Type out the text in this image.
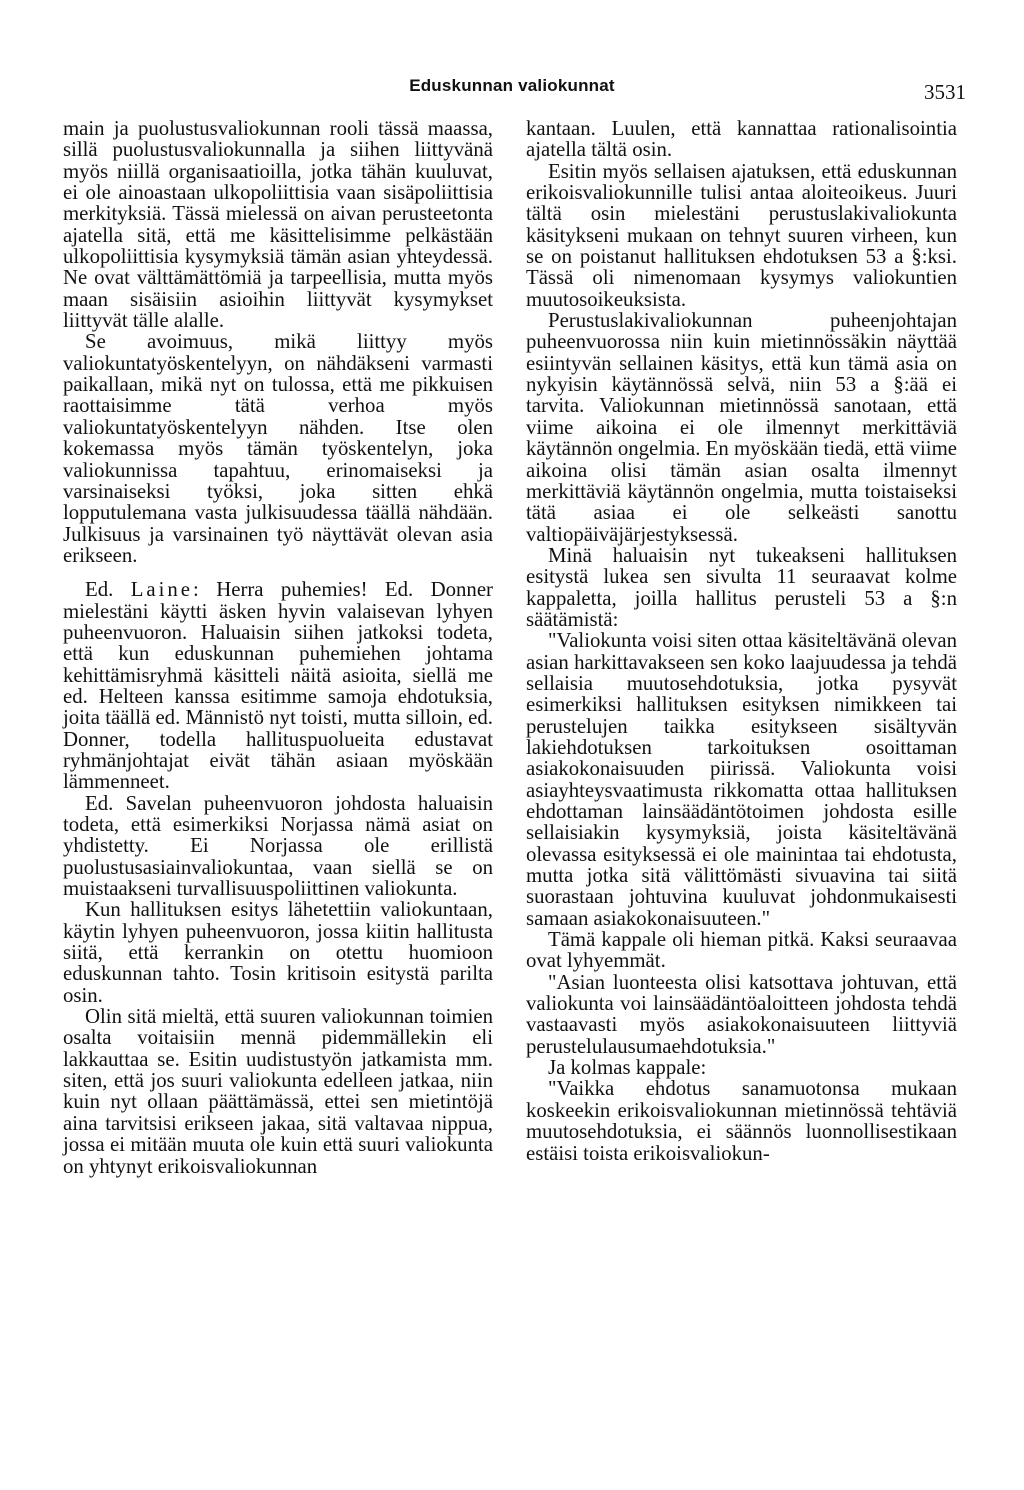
Eduskunnan valiokunnat	3531

main ja puolustusvaliokunnan rooli tässä maassa, sillä puolustusvaliokunnalla ja siihen liittyvänä myös niillä organisaatioilla, jotka tähän kuuluvat, ei ole ainoastaan ulkopoliittisia vaan sisäpoliittisia merkityksiä. Tässä mielessä on aivan perusteetonta ajatella sitä, että me käsittelisimme pelkästään ulkopoliittisia kysymyksiä tämän asian yhteydessä. Ne ovat välttämättömiä ja tarpeellisia, mutta myös maan sisäisiin asioihin liittyvät kysymykset liittyvät tälle alalle.

Se avoimuus, mikä liittyy myös valiokuntatyöskentelyyn, on nähdäkseni varmasti paikallaan, mikä nyt on tulossa, että me pikkuisen raottaisimme tätä verhoa myös valiokuntatyöskentelyyn nähden. Itse olen kokemassa myös tämän työskentelyn, joka valiokunnissa tapahtuu, erinomaiseksi ja varsinaiseksi työksi, joka sitten ehkä lopputulemana vasta julkisuudessa täällä nähdään. Julkisuus ja varsinainen työ näyttävät olevan asia erikseen.

Ed. Laine: Herra puhemies! Ed. Donner mielestäni käytti äsken hyvin valaisevan lyhyen puheenvuoron. Haluaisin siihen jatkoksi todeta, että kun eduskunnan puhemiehen johtama kehittämisryhmä käsitteli näitä asioita, siellä me ed. Helteen kanssa esitimme samoja ehdotuksia, joita täällä ed. Männistö nyt toisti, mutta silloin, ed. Donner, todella hallituspuolueita edustavat ryhmänjohtajat eivät tähän asiaan myöskään lämmenneet.

Ed. Savelan puheenvuoron johdosta haluaisin todeta, että esimerkiksi Norjassa nämä asiat on yhdistetty. Ei Norjassa ole erillistä puolustusasiainvaliokuntaa, vaan siellä se on muistaakseni turvallisuuspoliittinen valiokunta.

Kun hallituksen esitys lähetettiin valiokuntaan, käytin lyhyen puheenvuoron, jossa kiitin hallitusta siitä, että kerrankin on otettu huomioon eduskunnan tahto. Tosin kritisoin esitystä parilta osin.

Olin sitä mieltä, että suuren valiokunnan toimien osalta voitaisiin mennä pidemmällekin eli lakkauttaa se. Esitin uudistustyön jatkamista mm. siten, että jos suuri valiokunta edelleen jatkaa, niin kuin nyt ollaan päättämässä, ettei sen mietintöjä aina tarvitsisi erikseen jakaa, sitä valtavaa nippua, jossa ei mitään muuta ole kuin että suuri valiokunta on yhtynyt erikoisvaliokunnan

kantaan. Luulen, että kannattaa rationalisointia ajatella tältä osin.

Esitin myös sellaisen ajatuksen, että eduskunnan erikoisvaliokunnille tulisi antaa aloiteoikeus. Juuri tältä osin mielestäni perustuslakivaliokunta käsitykseni mukaan on tehnyt suuren virheen, kun se on poistanut hallituksen ehdotuksen 53 a §:ksi. Tässä oli nimenomaan kysymys valiokuntien muutosoikeuksista.

Perustuslakivaliokunnan puheenjohtajan puheenvuorossa niin kuin mietinnössäkin näyttää esiintyvän sellainen käsitys, että kun tämä asia on nykyisin käytännössä selvä, niin 53 a §:ää ei tarvita. Valiokunnan mietinnössä sanotaan, että viime aikoina ei ole ilmennyt merkittäviä käytännön ongelmia. En myöskään tiedä, että viime aikoina olisi tämän asian osalta ilmennyt merkittäviä käytännön ongelmia, mutta toistaiseksi tätä asiaa ei ole selkeästi sanottu valtiopäiväjärjestyksessä.

Minä haluaisin nyt tukeakseni hallituksen esitystä lukea sen sivulta 11 seuraavat kolme kappaletta, joilla hallitus perusteli 53 a §:n säätämistä:

"Valiokunta voisi siten ottaa käsiteltävänä olevan asian harkittavakseen sen koko laajuudessa ja tehdä sellaisia muutosehdotuksia, jotka pysyvät esimerkiksi hallituksen esityksen nimikkeen tai perustelujen taikka esitykseen sisältyvän lakiehdotuksen tarkoituksen osoittaman asiakokonaisuuden piirissä. Valiokunta voisi asiayhteysvaatimusta rikkomatta ottaa hallituksen ehdottaman lainsäädäntötoimen johdosta esille sellaisiakin kysymyksiä, joista käsiteltävänä olevassa esityksessä ei ole mainintaa tai ehdotusta, mutta jotka sitä välittömästi sivuavina tai siitä suorastaan johtuvina kuuluvat johdonmukaisesti samaan asiakokonaisuuteen."

Tämä kappale oli hieman pitkä. Kaksi seuraavaa ovat lyhyemmät.

"Asian luonteesta olisi katsottava johtuvan, että valiokunta voi lainsäädäntöaloitteen johdosta tehdä vastaavasti myös asiakokonaisuuteen liittyviä perustelulausumaehdotuksia."

Ja kolmas kappale:

"Vaikka ehdotus sanamuotonsa mukaan koskeekin erikoisvaliokunnan mietinnössä tehtäviä muutosehdotuksia, ei säännös luonnollisestikaan estäisi toista erikoisvaliokun-
